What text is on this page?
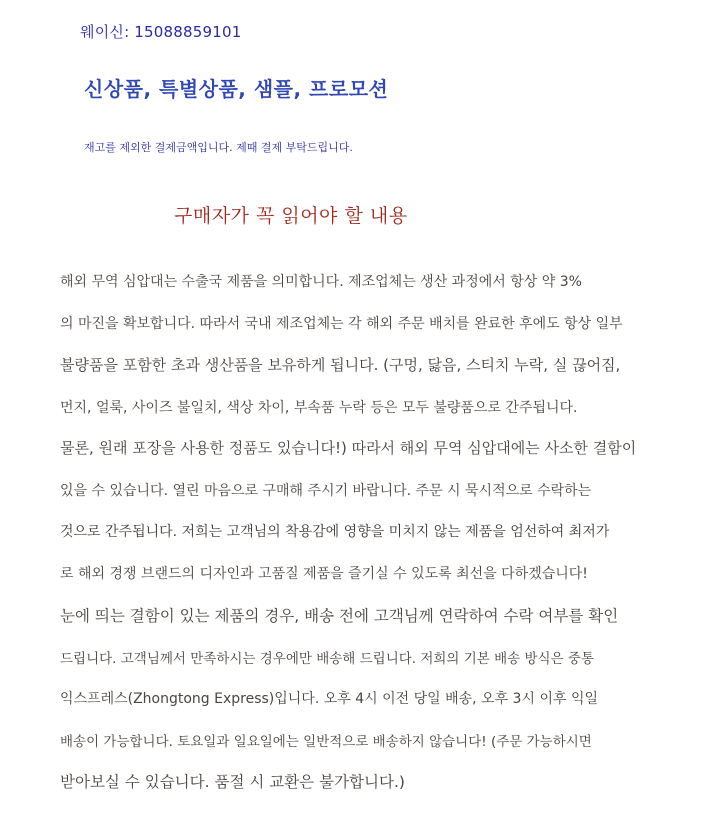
웨이신: 15088859101
신상품, 특별상품, 샘플, 프로모션
재고를 제외한 결제금액입니다. 제때 결제 부탁드립니다.
구매자가 꼭 읽어야 할 내용
해외 무역 심압대는 수출국 제품을 의미합니다. 제조업체는 생산 과정에서 항상 약 3%
의 마진을 확보합니다. 따라서 국내 제조업체는 각 해외 주문 배치를 완료한 후에도 항상 일부
불량품을 포함한 초과 생산품을 보유하게 됩니다. (구멍, 닳음, 스티치 누락, 실 끊어짐,
먼지, 얼룩, 사이즈 불일치, 색상 차이, 부속품 누락 등은 모두 불량품으로 간주됩니다.
물론, 원래 포장을 사용한 정품도 있습니다!) 따라서 해외 무역 심압대에는 사소한 결함이
있을 수 있습니다. 열린 마음으로 구매해 주시기 바랍니다. 주문 시 묵시적으로 수락하는
것으로 간주됩니다. 저희는 고객님의 착용감에 영향을 미치지 않는 제품을 엄선하여 최저가
로 해외 경쟁 브랜드의 디자인과 고품질 제품을 즐기실 수 있도록 최선을 다하겠습니다!
눈에 띄는 결함이 있는 제품의 경우, 배송 전에 고객님께 연락하여 수락 여부를 확인
드립니다. 고객님께서 만족하시는 경우에만 배송해 드립니다. 저희의 기본 배송 방식은 중통
익스프레스(Zhongtong Express)입니다. 오후 4시 이전 당일 배송, 오후 3시 이후 익일
배송이 가능합니다. 토요일과 일요일에는 일반적으로 배송하지 않습니다! (주문 가능하시면
받아보실 수 있습니다. 품절 시 교환은 불가합니다.)
